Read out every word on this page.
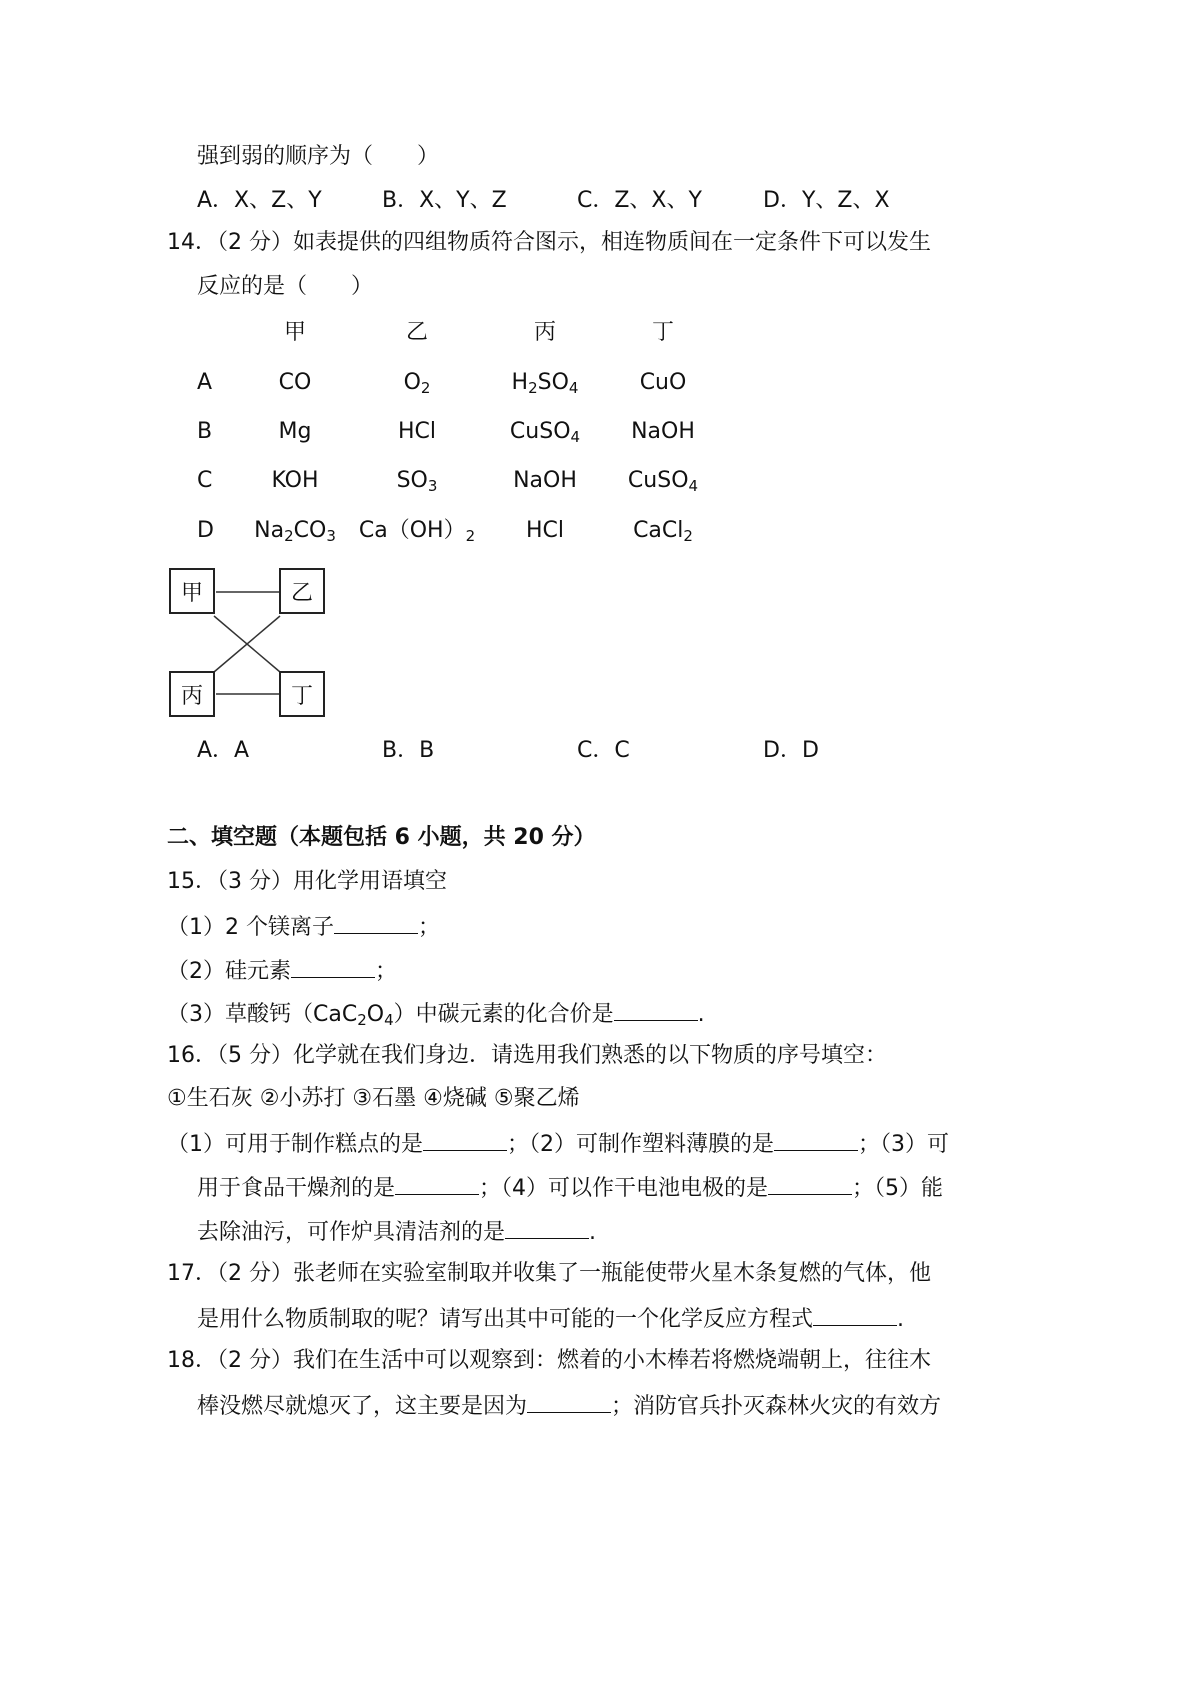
强到弱的顺序为（　　）
A．X、Z、Y	B．X、Y、Z	C．Z、X、Y	D．Y、Z、X
14．（2 分）如表提供的四组物质符合图示，相连物质间在一定条件下可以发生
反应的是（　　）
甲	乙	丙	丁
A	CO	$O_2$	$H_2SO_4$	CuO
B	Mg	HCl	CuSO$_4$	NaOH
C	KOH	$SO_3$	NaOH	CuSO$_4$
D	$Na_2CO_3$	$Ca(OH)_2$	HCl	CaCl$_2$
甲	乙
丙	丁
A．A	B．B	C．C	D．D
二、填空题（本题包括 6 小题，共 20 分）
15．（3 分）用化学用语填空
（1）2 个镁离子	；
（2）硅元素	；
（3）草酸钙$(CaC_2O_4)$中碳元素的化合价是	.
16．（5 分）化学就在我们身边．请选用我们熟悉的以下物质的序号填空：
①生石灰 ②小苏打 ③石墨 ④烧碱 ⑤聚乙烯
（1）可用于制作糕点的是	；（2）可制作塑料薄膜的是	；（3）可
用于食品干燥剂的是	；（4）可以作干电池电极的是	；（5）能
去除油污，可作炉具清洁剂的是	.
17．（2 分）张老师在实验室制取并收集了一瓶能使带火星木条复燃的气体，他
是用什么物质制取的呢？请写出其中可能的一个化学反应方程式	.
18．（2 分）我们在生活中可以观察到：燃着的小木棒若将燃烧端朝上，往往木
棒没燃尽就熄灭了，这主要是因为	；消防官兵扑灭森林火灾的有效方
